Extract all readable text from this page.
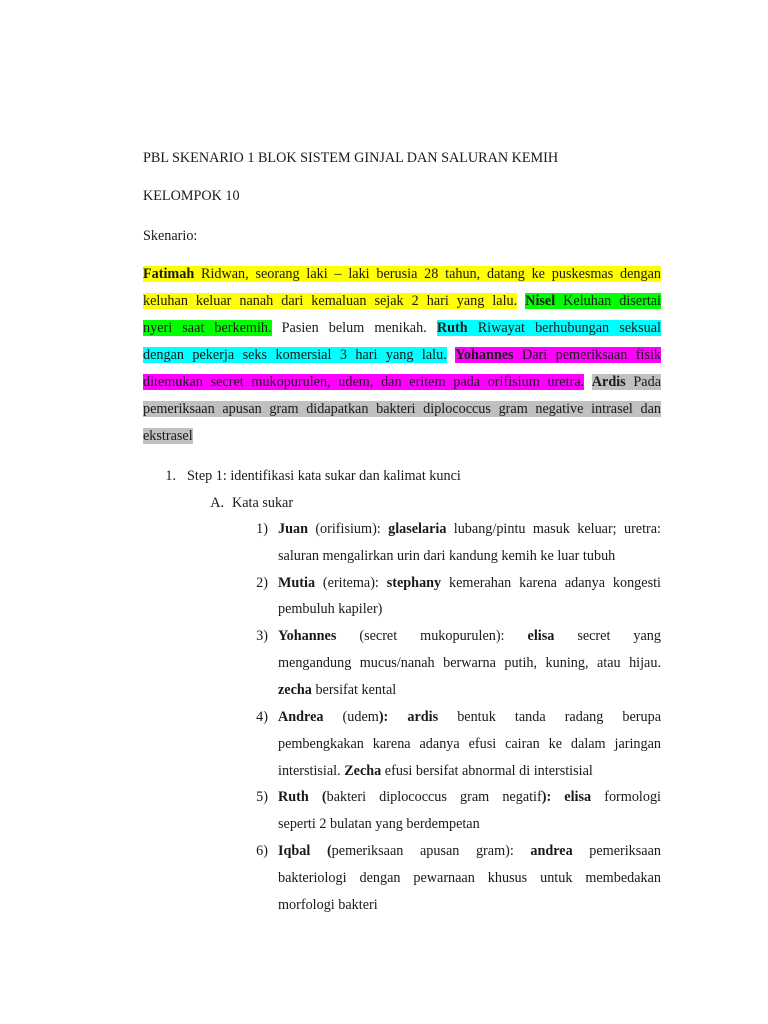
PBL SKENARIO 1 BLOK SISTEM GINJAL DAN SALURAN KEMIH
KELOMPOK 10
Skenario:
Fatimah Ridwan, seorang laki – laki berusia 28 tahun, datang ke puskesmas dengan
keluhan keluar nanah dari kemaluan sejak 2 hari yang lalu. Nisel Keluhan disertai
nyeri saat berkemih. Pasien belum menikah. Ruth Riwayat berhubungan seksual
dengan pekerja seks komersial 3 hari yang lalu. Yohannes Dari pemeriksaan fisik
ditemukan secret mukopurulen, udem, dan eritem pada orifisium uretra. Ardis Pada
pemeriksaan apusan gram didapatkan bakteri diplococcus gram negative intrasel dan
ekstrasel
1. Step 1: identifikasi kata sukar dan kalimat kunci
A. Kata sukar
1) Juan (orifisium): glaselaria lubang/pintu masuk keluar; uretra:
saluran mengalirkan urin dari kandung kemih ke luar tubuh
2) Mutia (eritema): stephany kemerahan karena adanya kongesti
pembuluh kapiler)
3) Yohannes (secret mukopurulen): elisa secret yang
mengandung mucus/nanah berwarna putih, kuning, atau hijau.
zecha bersifat kental
4) Andrea (udem): ardis bentuk tanda radang berupa
pembengkakan karena adanya efusi cairan ke dalam jaringan
interstisial. Zecha efusi bersifat abnormal di interstisial
5) Ruth (bakteri diplococcus gram negatif): elisa formologi
seperti 2 bulatan yang berdempetan
6) Iqbal (pemeriksaan apusan gram): andrea pemeriksaan
bakteriologi dengan pewarnaan khusus untuk membedakan
morfologi bakteri
